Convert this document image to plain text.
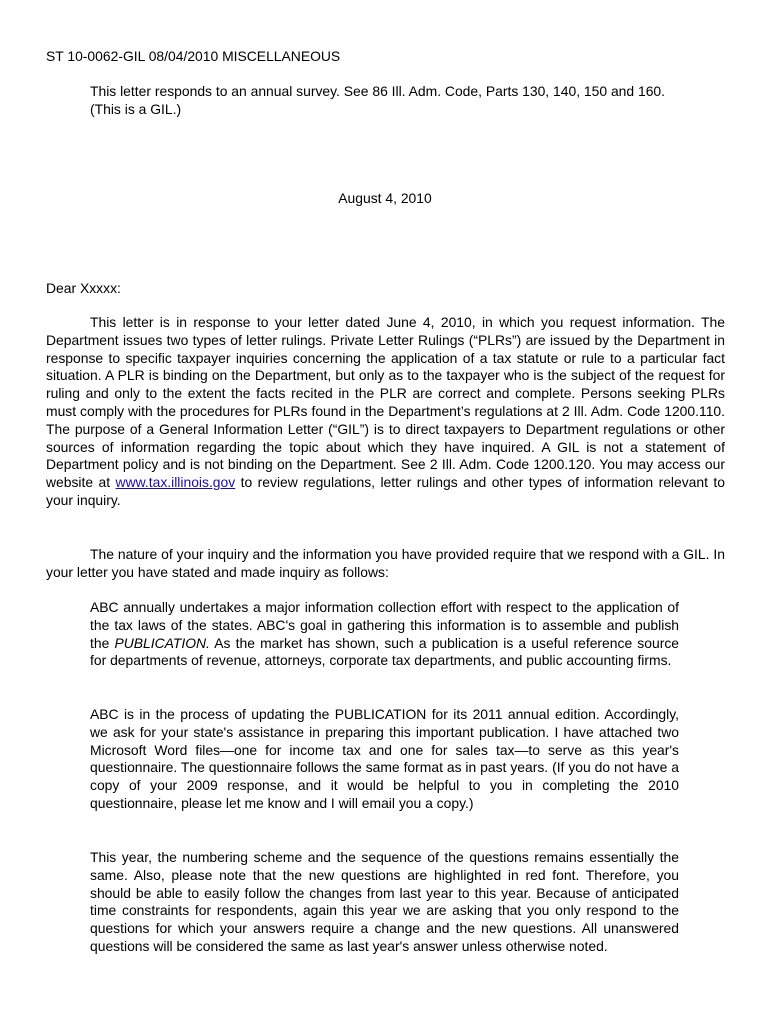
ST 10-0062-GIL 08/04/2010 MISCELLANEOUS
This letter responds to an annual survey. See 86 Ill. Adm. Code, Parts 130, 140, 150 and 160.
(This is a GIL.)
August 4, 2010
Dear Xxxxx:
This letter is in response to your letter dated June 4, 2010, in which you request information. The Department issues two types of letter rulings. Private Letter Rulings (“PLRs”) are issued by the Department in response to specific taxpayer inquiries concerning the application of a tax statute or rule to a particular fact situation. A PLR is binding on the Department, but only as to the taxpayer who is the subject of the request for ruling and only to the extent the facts recited in the PLR are correct and complete. Persons seeking PLRs must comply with the procedures for PLRs found in the Department’s regulations at 2 Ill. Adm. Code 1200.110. The purpose of a General Information Letter (“GIL”) is to direct taxpayers to Department regulations or other sources of information regarding the topic about which they have inquired. A GIL is not a statement of Department policy and is not binding on the Department. See 2 Ill. Adm. Code 1200.120. You may access our website at www.tax.illinois.gov to review regulations, letter rulings and other types of information relevant to your inquiry.
The nature of your inquiry and the information you have provided require that we respond with a GIL. In your letter you have stated and made inquiry as follows:
ABC annually undertakes a major information collection effort with respect to the application of the tax laws of the states. ABC's goal in gathering this information is to assemble and publish the PUBLICATION. As the market has shown, such a publication is a useful reference source for departments of revenue, attorneys, corporate tax departments, and public accounting firms.
ABC is in the process of updating the PUBLICATION for its 2011 annual edition. Accordingly, we ask for your state's assistance in preparing this important publication. I have attached two Microsoft Word files—one for income tax and one for sales tax—to serve as this year's questionnaire. The questionnaire follows the same format as in past years. (If you do not have a copy of your 2009 response, and it would be helpful to you in completing the 2010 questionnaire, please let me know and I will email you a copy.)
This year, the numbering scheme and the sequence of the questions remains essentially the same. Also, please note that the new questions are highlighted in red font. Therefore, you should be able to easily follow the changes from last year to this year. Because of anticipated time constraints for respondents, again this year we are asking that you only respond to the questions for which your answers require a change and the new questions. All unanswered questions will be considered the same as last year's answer unless otherwise noted.
